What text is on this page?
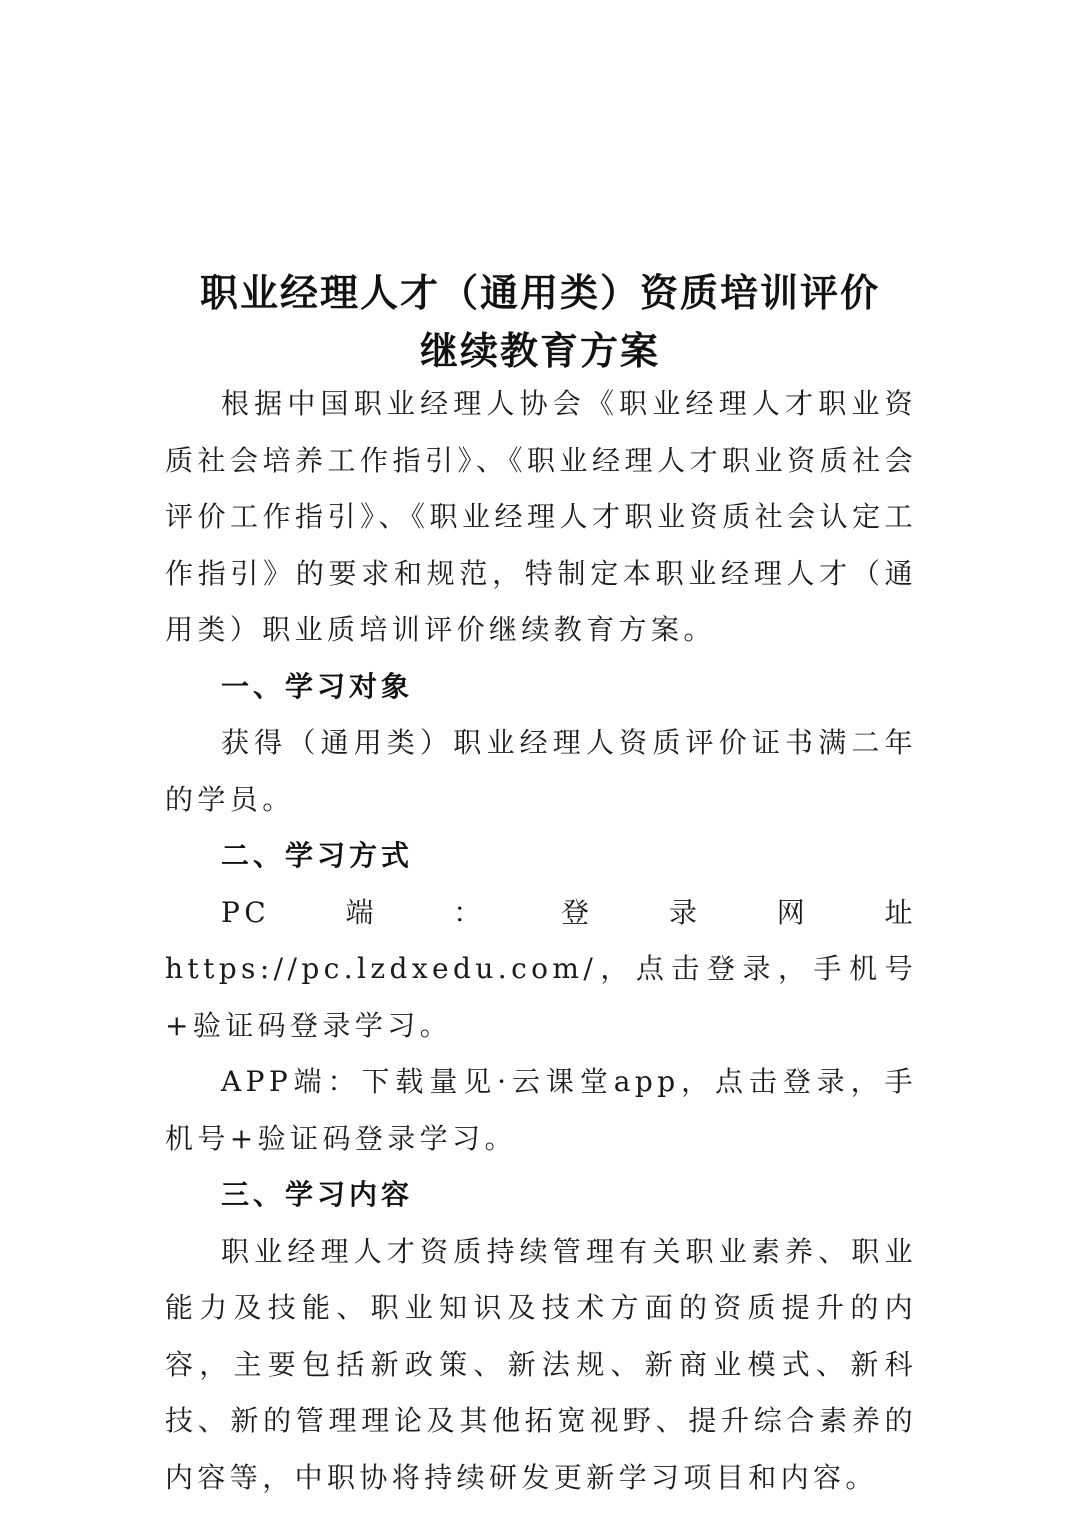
职业经理人才（通用类）资质培训评价
继续教育方案

根据中国职业经理人协会《职业经理人才职业资质社会培养工作指引》、《职业经理人才职业资质社会评价工作指引》、《职业经理人才职业资质社会认定工作指引》的要求和规范，特制定本职业经理人才（通用类）职业质培训评价继续教育方案。

一、学习对象

获得（通用类）职业经理人资质评价证书满二年的学员。

二、学习方式

PC端：登录网址 https://pc.lzdxedu.com/，点击登录，手机号+验证码登录学习。

APP端：下载量见·云课堂app，点击登录，手机号+验证码登录学习。

三、学习内容

职业经理人才资质持续管理有关职业素养、职业能力及技能、职业知识及技术方面的资质提升的内容，主要包括新政策、新法规、新商业模式、新科技、新的管理理论及其他拓宽视野、提升综合素养的内容等，中职协将持续研发更新学习项目和内容。
